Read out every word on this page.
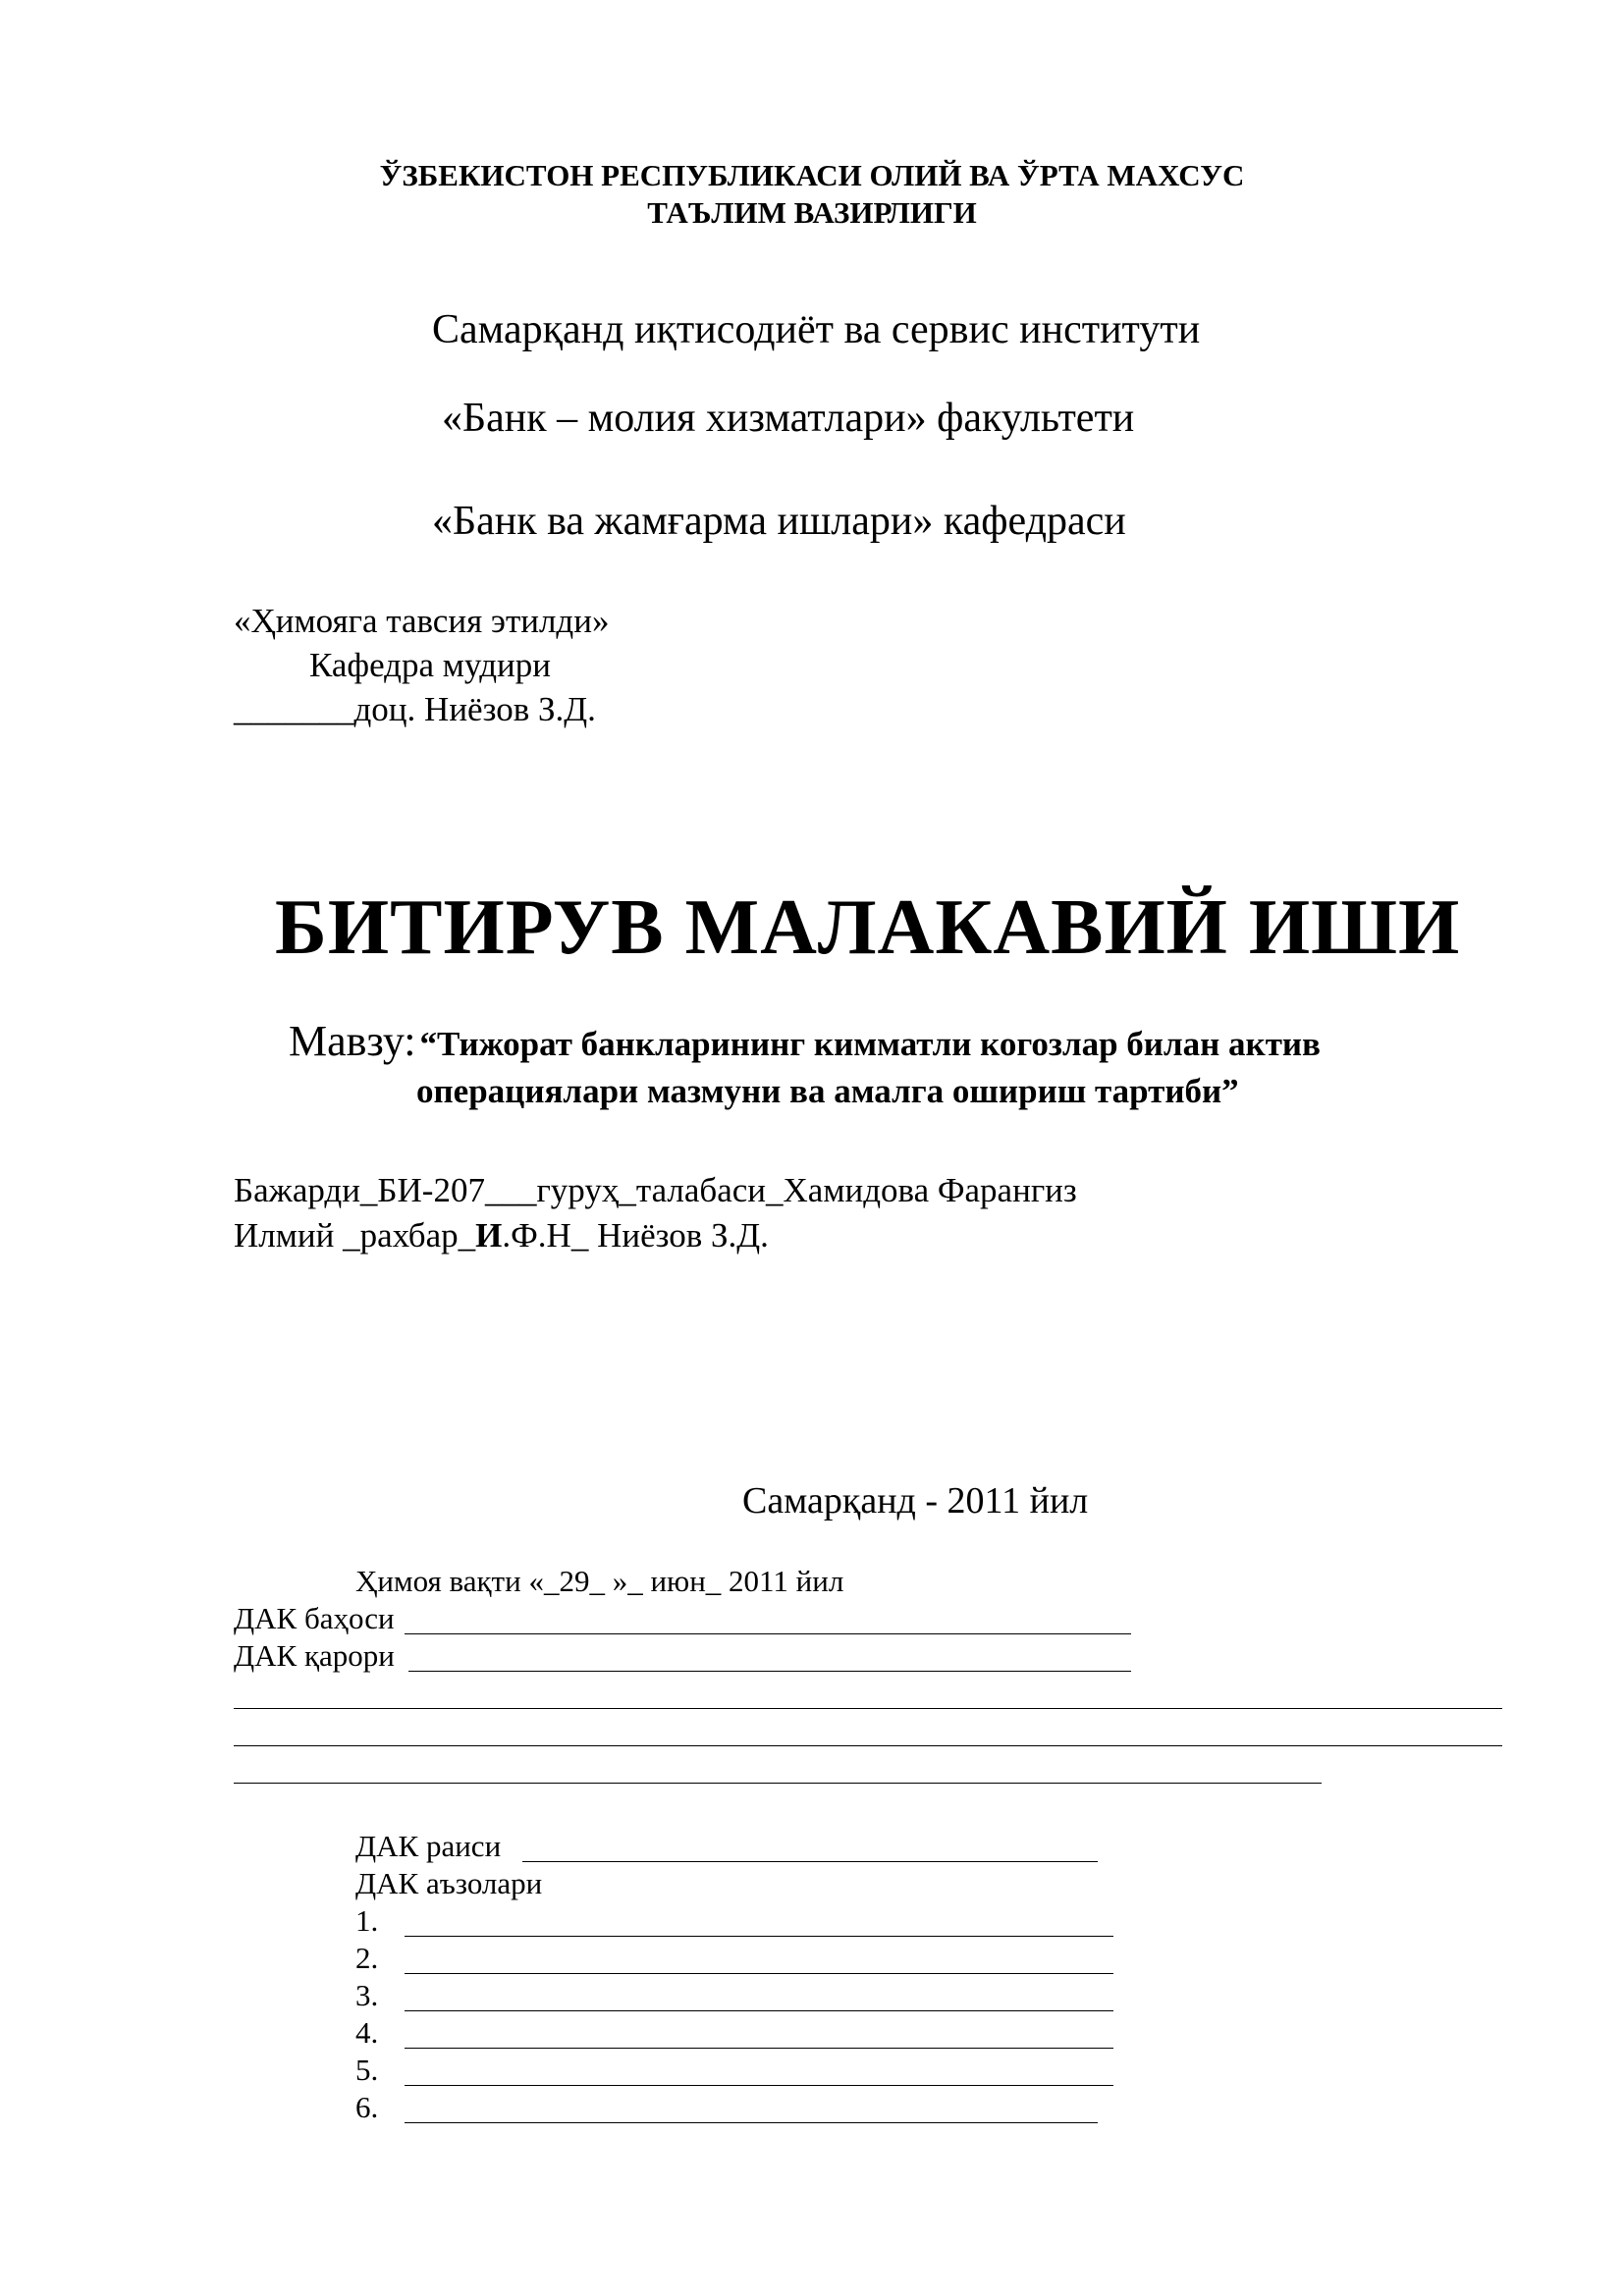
ЎЗБЕКИСТОН РЕСПУБЛИКАСИ ОЛИЙ ВА ЎРТА МАХСУС
ТАЪЛИМ ВАЗИРЛИГИ
Самарқанд иқтисодиёт ва сервис институти
«Банк – молия хизматлари» факультети
«Банк ва жамғарма ишлари» кафедраси
«Ҳимояга тавсия этилди»
Кафедра мудири
_______доц. Ниёзов З.Д.
БИТИРУВ МАЛАКАВИЙ ИШИ
Мавзу: “Тижорат банкларининг кимматли когозлар билан актив
операциялари мазмуни ва амалга ошириш тартиби”
Бажарди_БИ-207___гуруҳ_талабаси_Хамидова Фарангиз
Илмий _рахбар_И.Ф.Н_ Ниёзов З.Д.
Самарқанд - 2011 йил
Ҳимоя вақти «_29_ »_ июн_ 2011 йил
ДАК баҳоси
ДАК қарори
ДАК раиси
ДАК аъзолари
1.
2.
3.
4.
5.
6.
